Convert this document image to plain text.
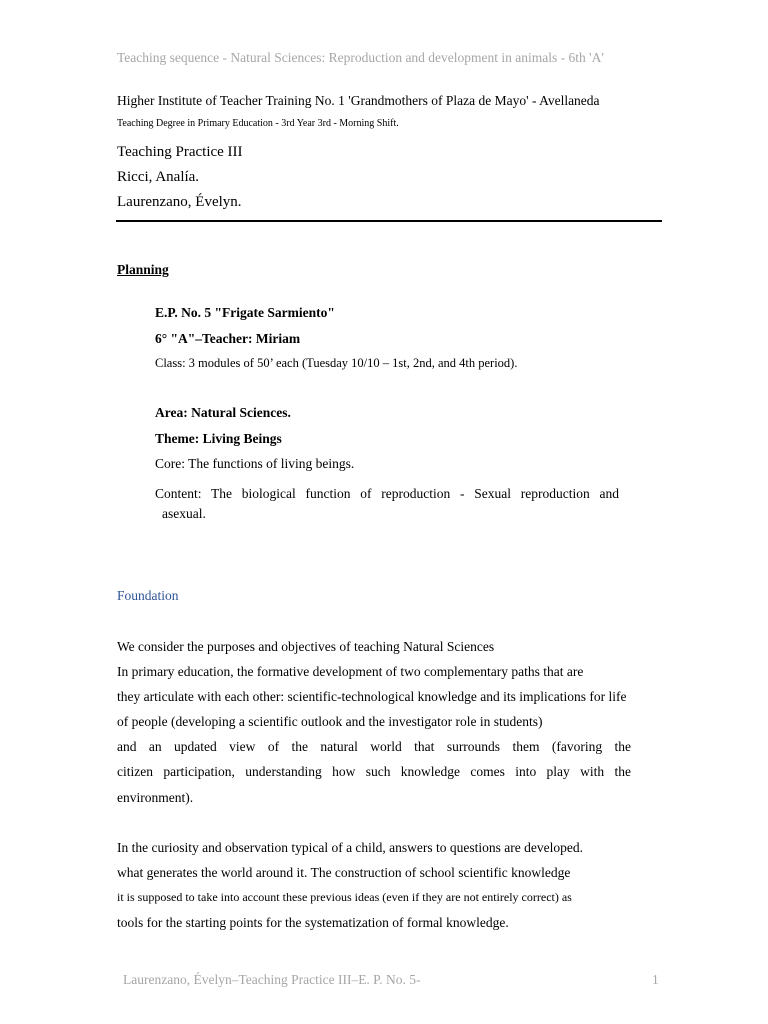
Teaching sequence - Natural Sciences: Reproduction and development in animals - 6th 'A'
Higher Institute of Teacher Training No. 1 'Grandmothers of Plaza de Mayo' - Avellaneda
Teaching Degree in Primary Education - 3rd Year 3rd - Morning Shift.
Teaching Practice III
Ricci, Analía.
Laurenzano, Évelyn.
Planning
E.P. No. 5 "Frigate Sarmiento"
6° "A"–Teacher: Miriam
Class: 3 modules of 50’ each (Tuesday 10/10 – 1st, 2nd, and 4th period).
Area: Natural Sciences.
Theme: Living Beings
Core: The functions of living beings.
Content: The biological function of reproduction - Sexual reproduction and
asexual.
Foundation
We consider the purposes and objectives of teaching Natural Sciences
In primary education, the formative development of two complementary paths that are
they articulate with each other: scientific-technological knowledge and its implications for life
of people (developing a scientific outlook and the investigator role in students)
and an updated view of the natural world that surrounds them (favoring the
citizen participation, understanding how such knowledge comes into play with the
environment).
In the curiosity and observation typical of a child, answers to questions are developed.
what generates the world around it. The construction of school scientific knowledge
it is supposed to take into account these previous ideas (even if they are not entirely correct) as
tools for the starting points for the systematization of formal knowledge.
Laurenzano, Évelyn–Teaching Practice III–E. P. No. 5-	1
